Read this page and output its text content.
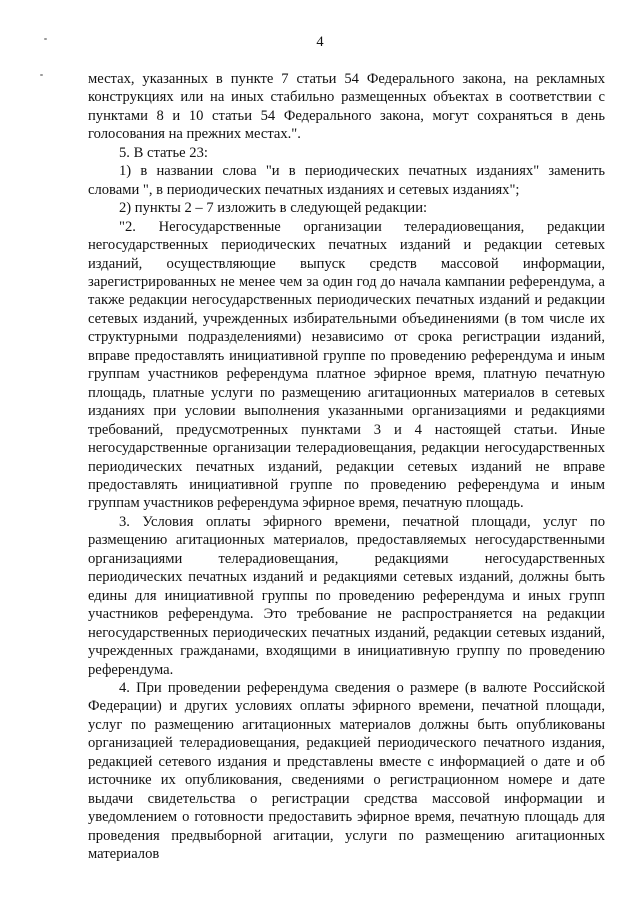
4

местах, указанных в пункте 7 статьи 54 Федерального закона, на рекламных конструкциях или на иных стабильно размещенных объектах в соответствии с пунктами 8 и 10 статьи 54 Федерального закона, могут сохраняться в день голосования на прежних местах.".

5. В статье 23:

1) в названии слова "и в периодических печатных изданиях" заменить словами ", в периодических печатных изданиях и сетевых изданиях";

2) пункты 2 – 7 изложить в следующей редакции:

"2. Негосударственные организации телерадиовещания, редакции негосударственных периодических печатных изданий и редакции сетевых изданий, осуществляющие выпуск средств массовой информации, зарегистрированных не менее чем за один год до начала кампании референдума, а также редакции негосударственных периодических печатных изданий и редакции сетевых изданий, учрежденных избирательными объединениями (в том числе их структурными подразделениями) независимо от срока регистрации изданий, вправе предоставлять инициативной группе по проведению референдума и иным группам участников референдума платное эфирное время, платную печатную площадь, платные услуги по размещению агитационных материалов в сетевых изданиях при условии выполнения указанными организациями и редакциями требований, предусмотренных пунктами 3 и 4 настоящей статьи. Иные негосударственные организации телерадиовещания, редакции негосударственных периодических печатных изданий, редакции сетевых изданий не вправе предоставлять инициативной группе по проведению референдума и иным группам участников референдума эфирное время, печатную площадь.

3. Условия оплаты эфирного времени, печатной площади, услуг по размещению агитационных материалов, предоставляемых негосударственными организациями телерадиовещания, редакциями негосударственных периодических печатных изданий и редакциями сетевых изданий, должны быть едины для инициативной группы по проведению референдума и иных групп участников референдума. Это требование не распространяется на редакции негосударственных периодических печатных изданий, редакции сетевых изданий, учрежденных гражданами, входящими в инициативную группу по проведению референдума.

4. При проведении референдума сведения о размере (в валюте Российской Федерации) и других условиях оплаты эфирного времени, печатной площади, услуг по размещению агитационных материалов должны быть опубликованы организацией телерадиовещания, редакцией периодического печатного издания, редакцией сетевого издания и представлены вместе с информацией о дате и об источнике их опубликования, сведениями о регистрационном номере и дате выдачи свидетельства о регистрации средства массовой информации и уведомлением о готовности предоставить эфирное время, печатную площадь для проведения предвыборной агитации, услуги по размещению агитационных материалов
